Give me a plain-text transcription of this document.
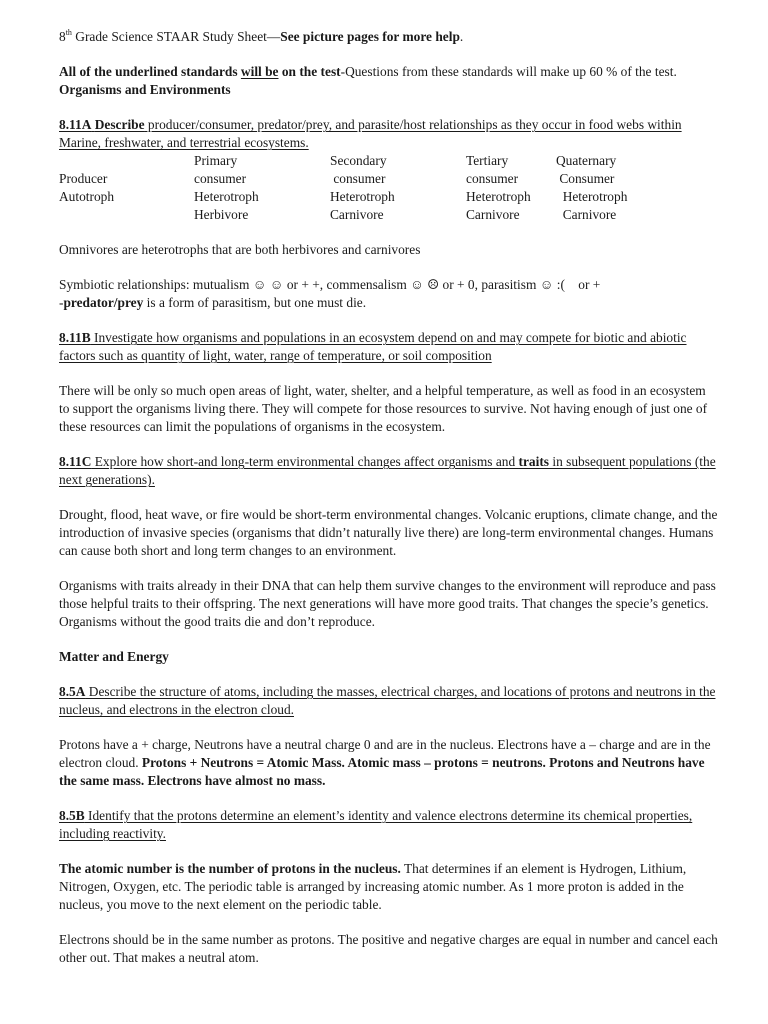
8th Grade Science STAAR Study Sheet—See picture pages for more help.

All of the underlined standards will be on the test-Questions from these standards will make up 60 % of the test.

Organisms and Environments

8.11A Describe producer/consumer, predator/prey, and parasite/host relationships as they occur in food webs within Marine, freshwater, and terrestrial ecosystems.

	Primary	Secondary	Tertiary	Quaternary
Producer	consumer	consumer	consumer	Consumer
Autotroph	Heterotroph	Heterotroph	Heterotroph	Heterotroph
	Herbivore	Carnivore	Carnivore	Carnivore

Omnivores are heterotrophs that are both herbivores and carnivores

Symbiotic relationships: mutualism ☺ ☺ or + +, commensalism ☺ ☹ or + 0, parasitism ☺ :(    or +
-predator/prey is a form of parasitism, but one must die.

8.11B Investigate how organisms and populations in an ecosystem depend on and may compete for biotic and abiotic factors such as quantity of light, water, range of temperature, or soil composition

There will be only so much open areas of light, water, shelter, and a helpful temperature, as well as food in an ecosystem to support the organisms living there. They will compete for those resources to survive. Not having enough of just one of these resources can limit the populations of organisms in the ecosystem.

8.11C Explore how short-and long-term environmental changes affect organisms and traits in subsequent populations (the next generations).

Drought, flood, heat wave, or fire would be short-term environmental changes. Volcanic eruptions, climate change, and the introduction of invasive species (organisms that didn’t naturally live there) are long-term environmental changes. Humans can cause both short and long term changes to an environment.

Organisms with traits already in their DNA that can help them survive changes to the environment will reproduce and pass those helpful traits to their offspring. The next generations will have more good traits. That changes the specie’s genetics. Organisms without the good traits die and don’t reproduce.

Matter and Energy

8.5A Describe the structure of atoms, including the masses, electrical charges, and locations of protons and neutrons in the nucleus, and electrons in the electron cloud.

Protons have a + charge, Neutrons have a neutral charge 0 and are in the nucleus. Electrons have a – charge and are in the electron cloud. Protons + Neutrons = Atomic Mass. Atomic mass – protons = neutrons. Protons and Neutrons have the same mass. Electrons have almost no mass.

8.5B Identify that the protons determine an element’s identity and valence electrons determine its chemical properties, including reactivity.

The atomic number is the number of protons in the nucleus. That determines if an element is Hydrogen, Lithium, Nitrogen, Oxygen, etc. The periodic table is arranged by increasing atomic number. As 1 more proton is added in the nucleus, you move to the next element on the periodic table.

Electrons should be in the same number as protons. The positive and negative charges are equal in number and cancel each other out. That makes a neutral atom.
